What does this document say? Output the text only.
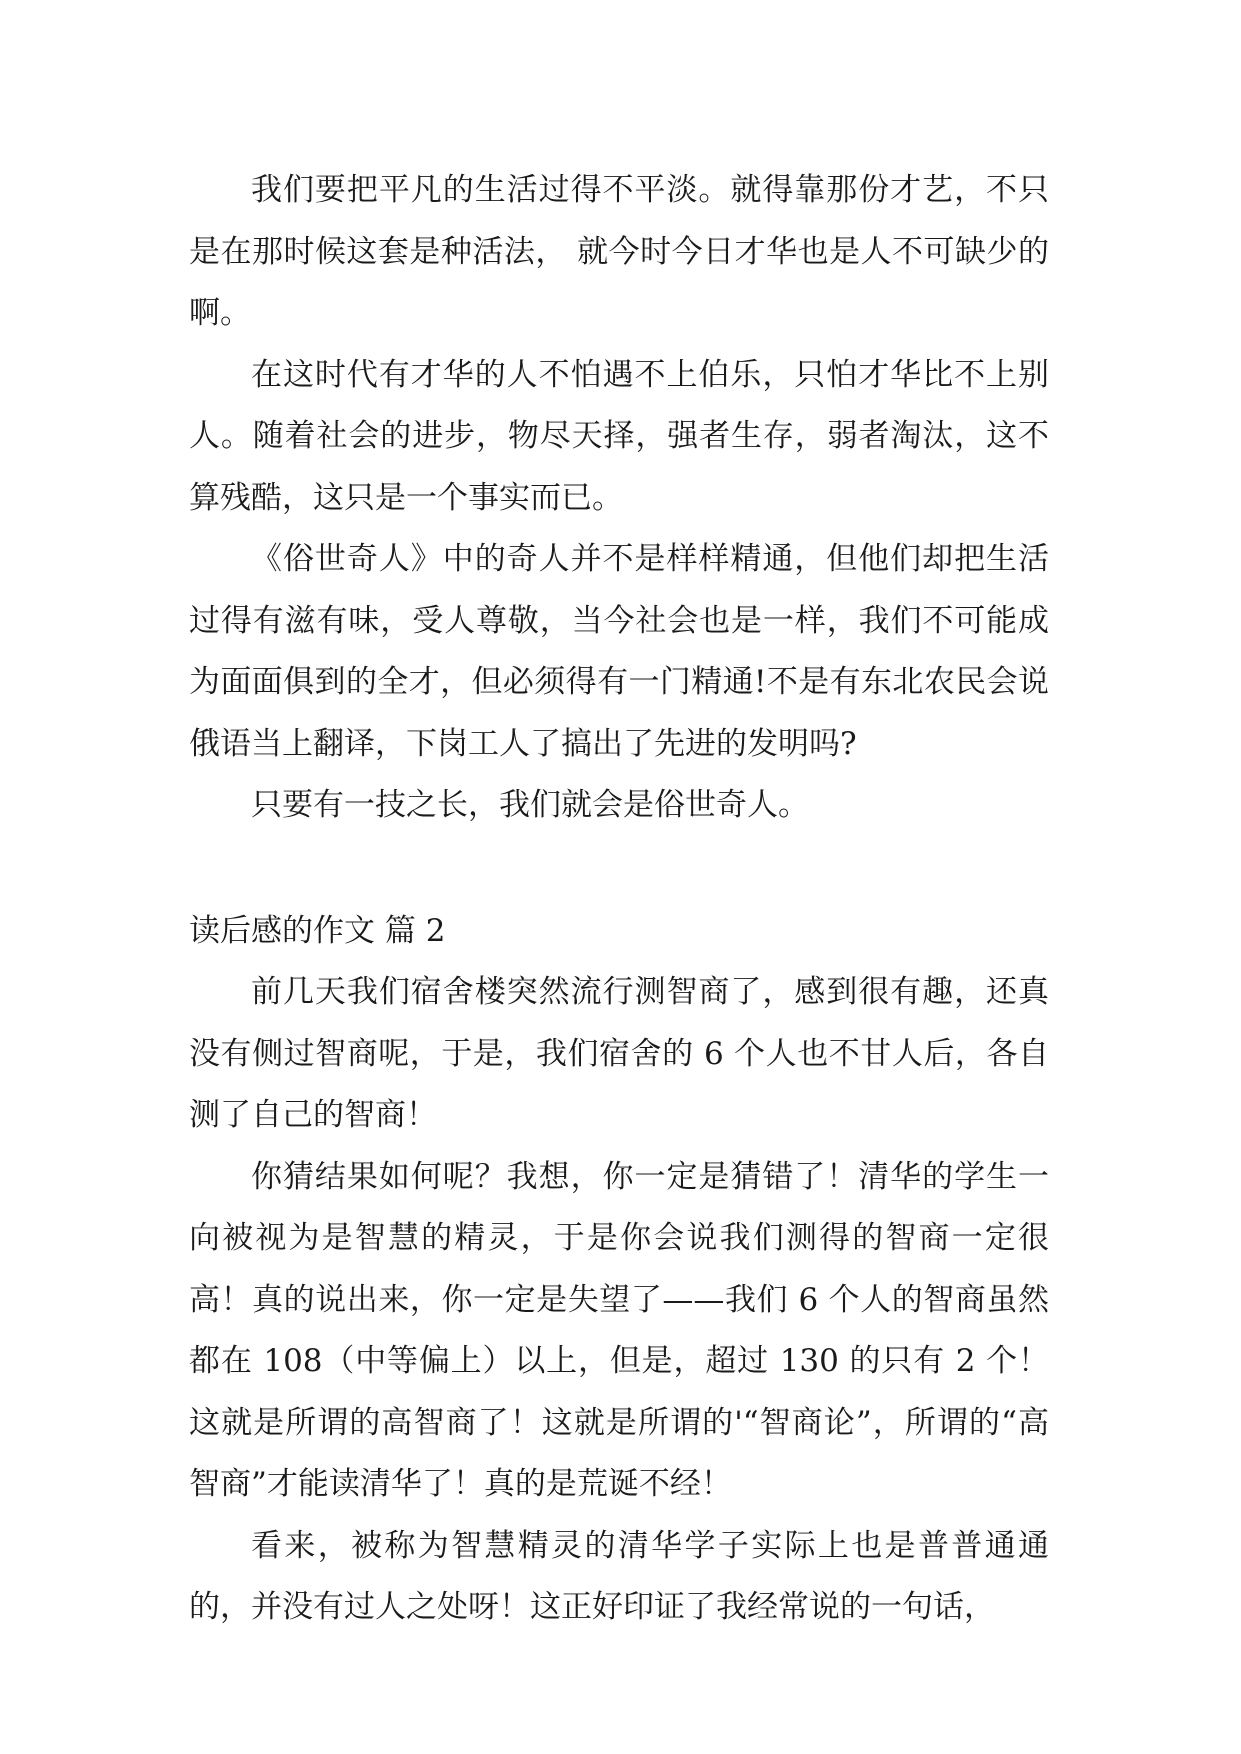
我们要把平凡的生活过得不平淡。就得靠那份才艺，不只是在那时候这套是种活法， 就今时今日才华也是人不可缺少的啊。

在这时代有才华的人不怕遇不上伯乐，只怕才华比不上别人。随着社会的进步，物尽天择，强者生存，弱者淘汰，这不算残酷，这只是一个事实而已。

《俗世奇人》中的奇人并不是样样精通，但他们却把生活过得有滋有味，受人尊敬，当今社会也是一样，我们不可能成为面面俱到的全才，但必须得有一门精通!不是有东北农民会说俄语当上翻译，下岗工人了搞出了先进的发明吗?

只要有一技之长，我们就会是俗世奇人。

读后感的作文 篇 2

前几天我们宿舍楼突然流行测智商了，感到很有趣，还真没有侧过智商呢，于是，我们宿舍的 6 个人也不甘人后，各自测了自己的智商！

你猜结果如何呢？我想，你一定是猜错了！清华的学生一向被视为是智慧的精灵，于是你会说我们测得的智商一定很高！真的说出来，你一定是失望了——我们 6 个人的智商虽然都在 108（中等偏上）以上，但是，超过 130 的只有 2 个！这就是所谓的高智商了！这就是所谓的'“智商论”，所谓的“高智商”才能读清华了！真的是荒诞不经！

看来，被称为智慧精灵的清华学子实际上也是普普通通的，并没有过人之处呀！这正好印证了我经常说的一句话，
